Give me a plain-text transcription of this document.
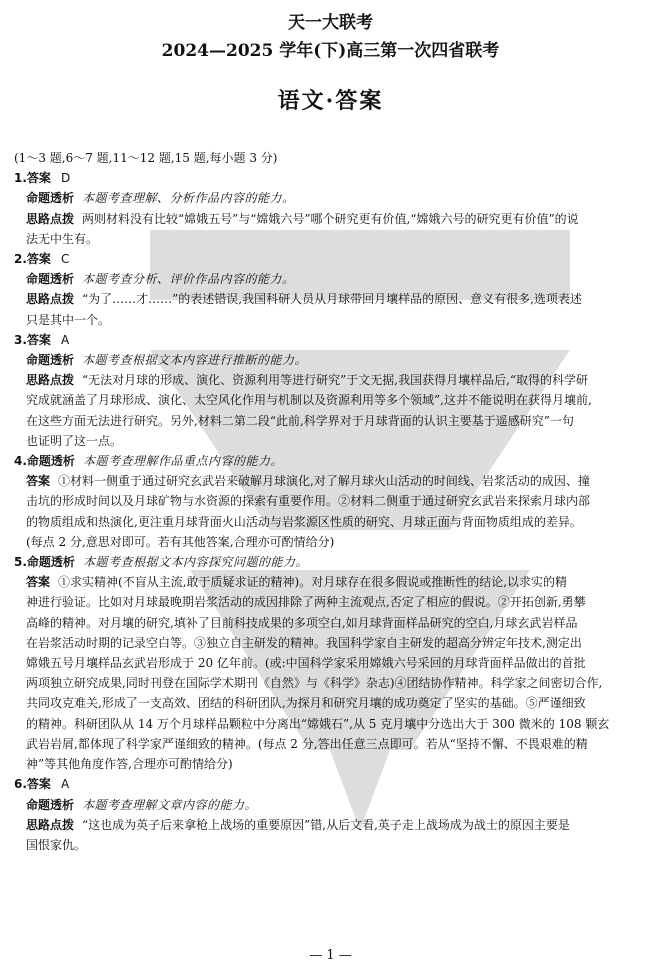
天一大联考
2024—2025 学年(下)高三第一次四省联考
语文·答案

(1～3 题,6～7 题,11～12 题,15 题,每小题 3 分)

1.答案 D

命题透析 本题考查理解、分析作品内容的能力。

思路点拨 两则材料没有比较“嫦娥五号”与“嫦娥六号”哪个研究更有价值,“嫦娥六号的研究更有价值”的说

法无中生有。

2.答案 C

命题透析 本题考查分析、评价作品内容的能力。

思路点拨 “为了……才……”的表述错误,我国科研人员从月球带回月壤样品的原因、意义有很多,选项表述

只是其中一个。

3.答案 A

命题透析 本题考查根据文本内容进行推断的能力。

思路点拨 “无法对月球的形成、演化、资源利用等进行研究”于文无据,我国获得月壤样品后,“取得的科学研

究成就涵盖了月球形成、演化、太空风化作用与机制以及资源利用等多个领域”,这并不能说明在获得月壤前,

在这些方面无法进行研究。另外,材料二第二段“此前,科学界对于月球背面的认识主要基于遥感研究”一句

也证明了这一点。

4.命题透析 本题考查理解作品重点内容的能力。

答案 ①材料一侧重于通过研究玄武岩来破解月球演化,对了解月球火山活动的时间线、岩浆活动的成因、撞

击坑的形成时间以及月球矿物与水资源的探索有重要作用。②材料二侧重于通过研究玄武岩来探索月球内部

的物质组成和热演化,更注重月球背面火山活动与岩浆源区性质的研究、月球正面与背面物质组成的差异。

(每点 2 分,意思对即可。若有其他答案,合理亦可酌情给分)

5.命题透析 本题考查根据文本内容探究问题的能力。

答案 ①求实精神(不盲从主流,敢于质疑求证的精神)。对月球存在很多假说或推断性的结论,以求实的精

神进行验证。比如对月球最晚期岩浆活动的成因排除了两种主流观点,否定了相应的假说。②开拓创新,勇攀

高峰的精神。对月壤的研究,填补了目前科技成果的多项空白,如月球背面样品研究的空白,月球玄武岩样品

在岩浆活动时期的记录空白等。③独立自主研发的精神。我国科学家自主研发的超高分辨定年技术,测定出

嫦娥五号月壤样品玄武岩形成于 20 亿年前。(或:中国科学家采用嫦娥六号采回的月球背面样品做出的首批

两项独立研究成果,同时刊登在国际学术期刊《自然》与《科学》杂志)④团结协作精神。科学家之间密切合作,

共同攻克难关,形成了一支高效、团结的科研团队,为探月和研究月壤的成功奠定了坚实的基础。⑤严谨细致

的精神。科研团队从 14 万个月球样品颗粒中分离出“嫦娥石”,从 5 克月壤中分选出大于 300 微米的 108 颗玄

武岩岩屑,都体现了科学家严谨细致的精神。(每点 2 分,答出任意三点即可。若从“坚持不懈、不畏艰难的精

神”等其他角度作答,合理亦可酌情给分)

6.答案 A

命题透析 本题考查理解文章内容的能力。

思路点拨 “这也成为英子后来拿枪上战场的重要原因”错,从后文看,英子走上战场成为战士的原因主要是

国恨家仇。

— 1 —
